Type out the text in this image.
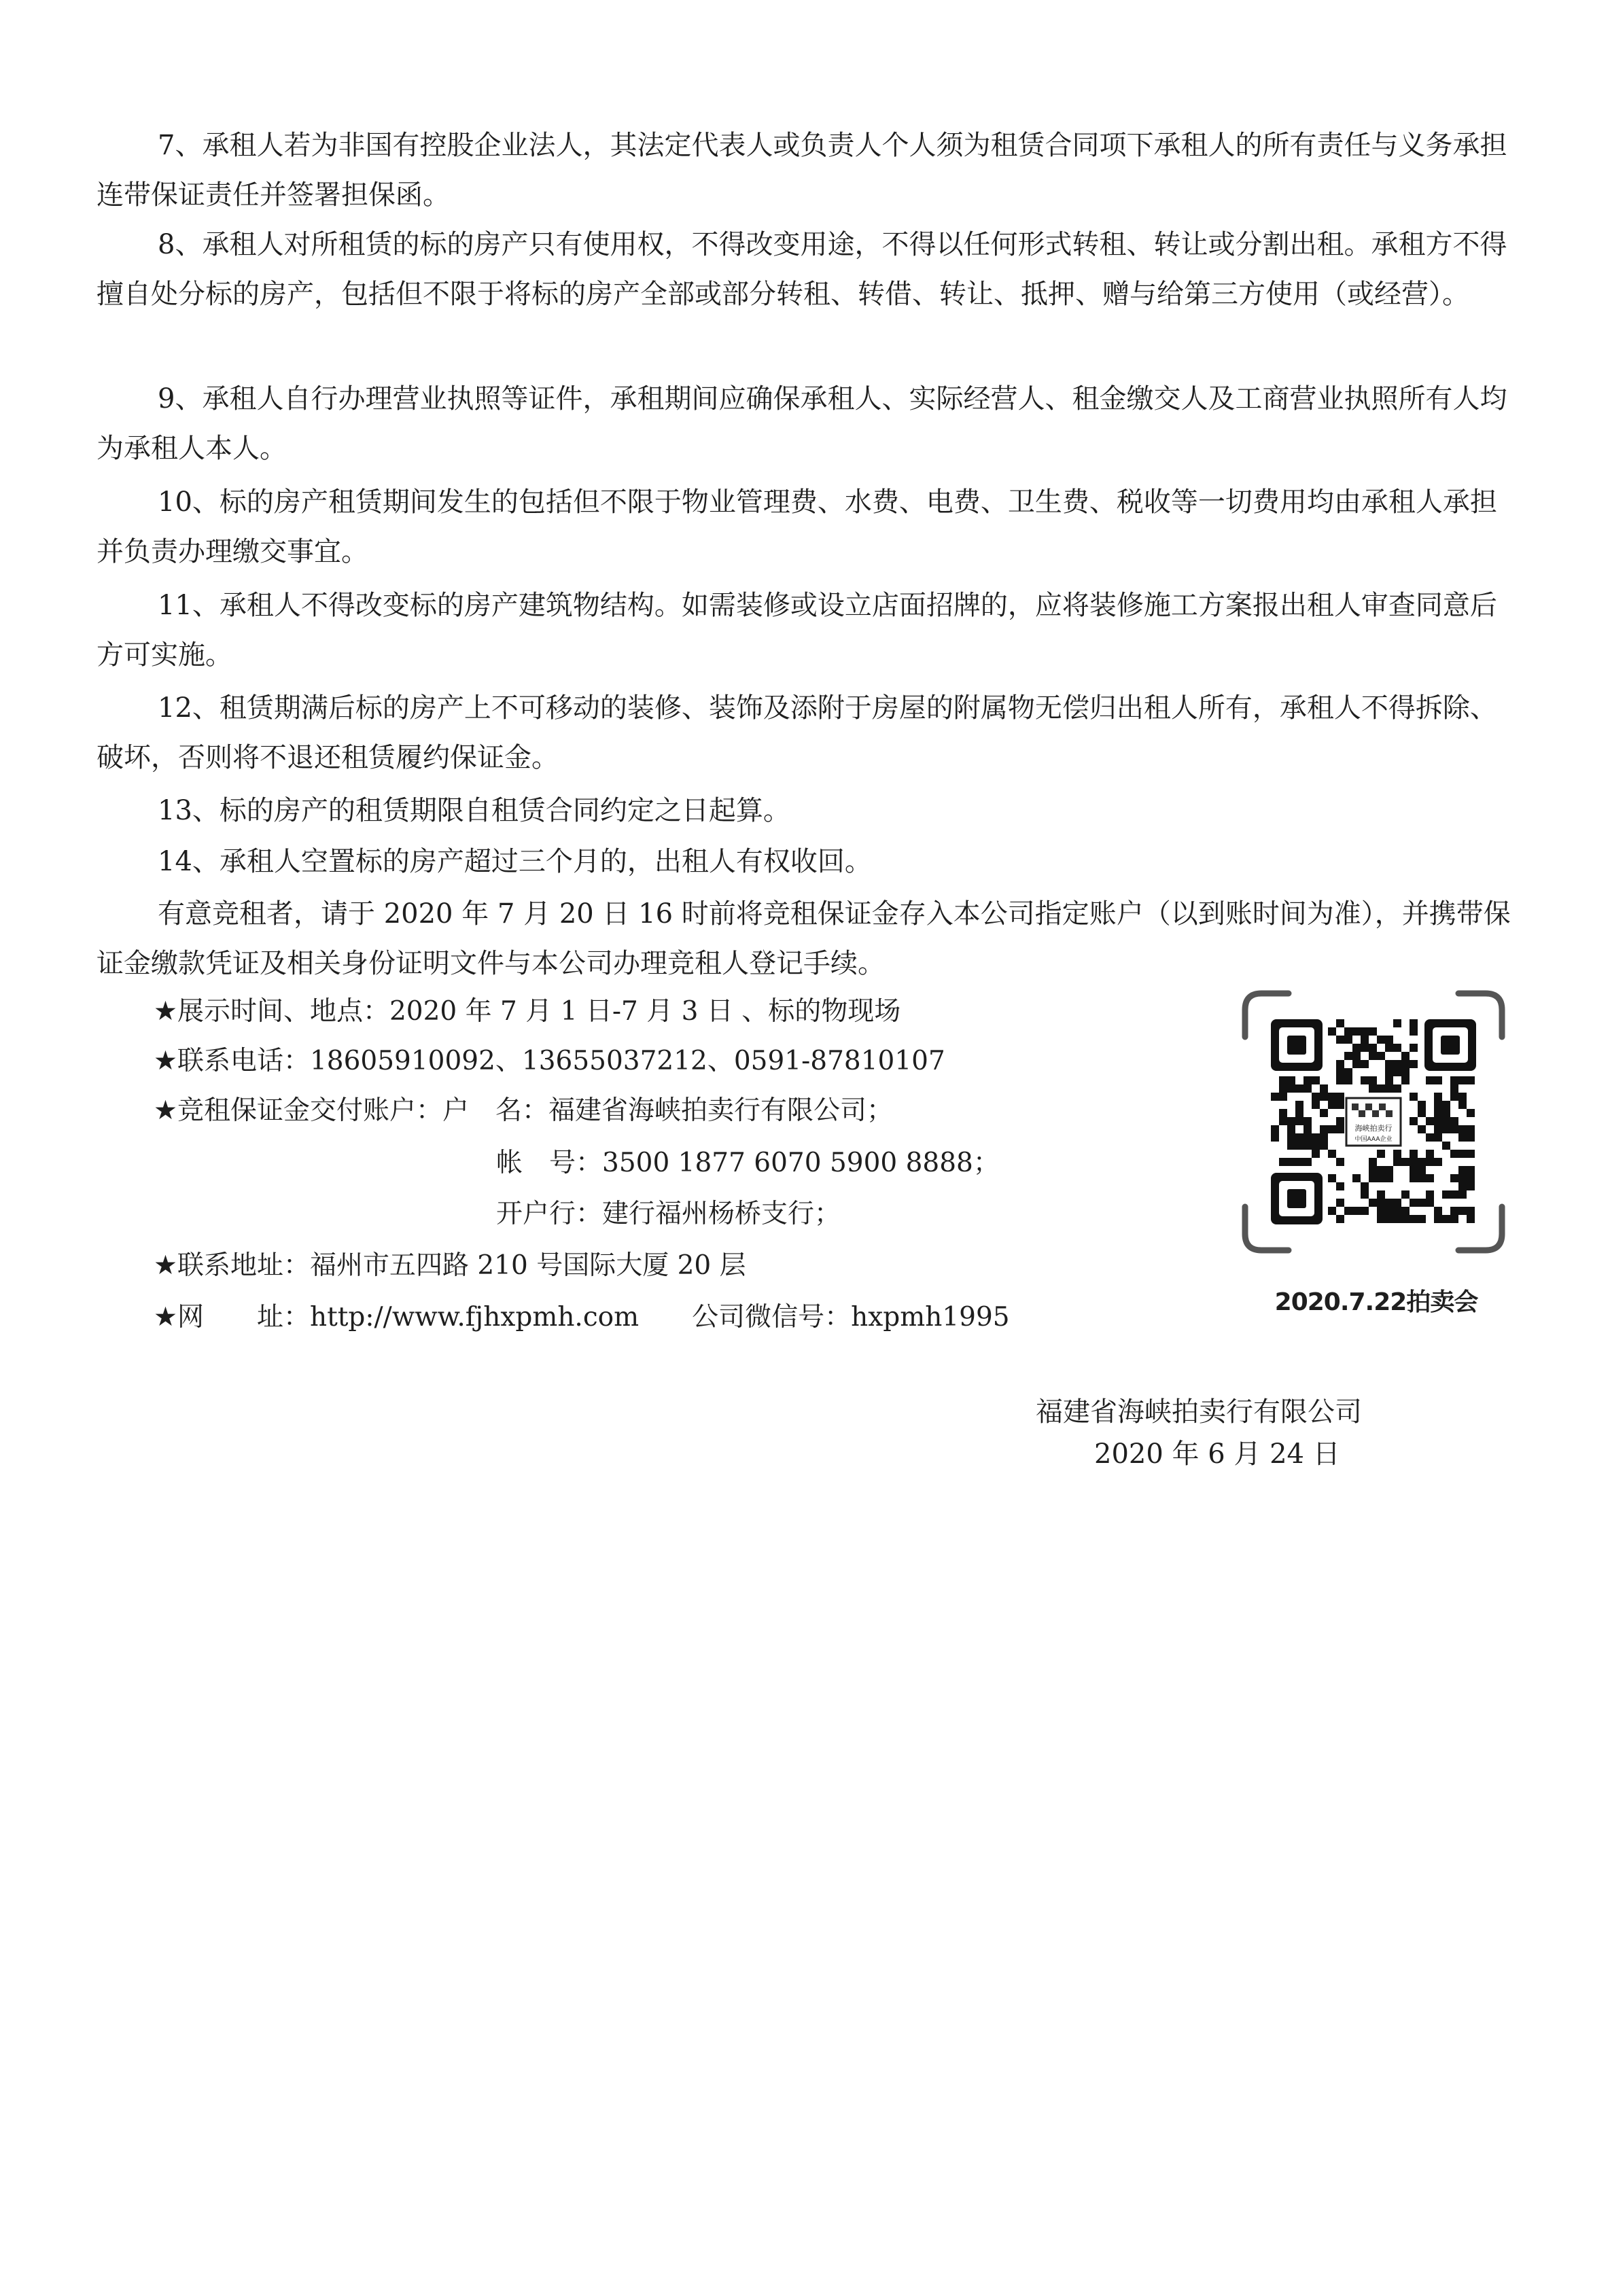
7、承租人若为非国有控股企业法人，其法定代表人或负责人个人须为租赁合同项下承租人的所有责任与义务承担连带保证责任并签署担保函。

8、承租人对所租赁的标的房产只有使用权，不得改变用途，不得以任何形式转租、转让或分割出租。承租方不得擅自处分标的房产，包括但不限于将标的房产全部或部分转租、转借、转让、抵押、赠与给第三方使用（或经营）。

9、承租人自行办理营业执照等证件，承租期间应确保承租人、实际经营人、租金缴交人及工商营业执照所有人均为承租人本人。

10、标的房产租赁期间发生的包括但不限于物业管理费、水费、电费、卫生费、税收等一切费用均由承租人承担并负责办理缴交事宜。

11、承租人不得改变标的房产建筑物结构。如需装修或设立店面招牌的，应将装修施工方案报出租人审查同意后方可实施。

12、租赁期满后标的房产上不可移动的装修、装饰及添附于房屋的附属物无偿归出租人所有，承租人不得拆除、破坏，否则将不退还租赁履约保证金。

13、标的房产的租赁期限自租赁合同约定之日起算。

14、承租人空置标的房产超过三个月的，出租人有权收回。

有意竞租者，请于 2020 年 7 月 20 日 16 时前将竞租保证金存入本公司指定账户（以到账时间为准），并携带保证金缴款凭证及相关身份证明文件与本公司办理竞租人登记手续。

★展示时间、地点：2020 年 7 月 1 日-7 月 3 日 、标的物现场
★联系电话：18605910092、13655037212、0591-87810107
★竞租保证金交付账户：户　名：福建省海峡拍卖行有限公司；
帐　号：3500 1877 6070 5900 8888；
开户行：建行福州杨桥支行；
★联系地址：福州市五四路 210 号国际大厦 20 层
★网　　址：http://www.fjhxpmh.com　　公司微信号：hxpmh1995
海峡拍卖行
中国AAA企业
2020.7.22拍卖会
福建省海峡拍卖行有限公司
2020 年 6 月 24 日
